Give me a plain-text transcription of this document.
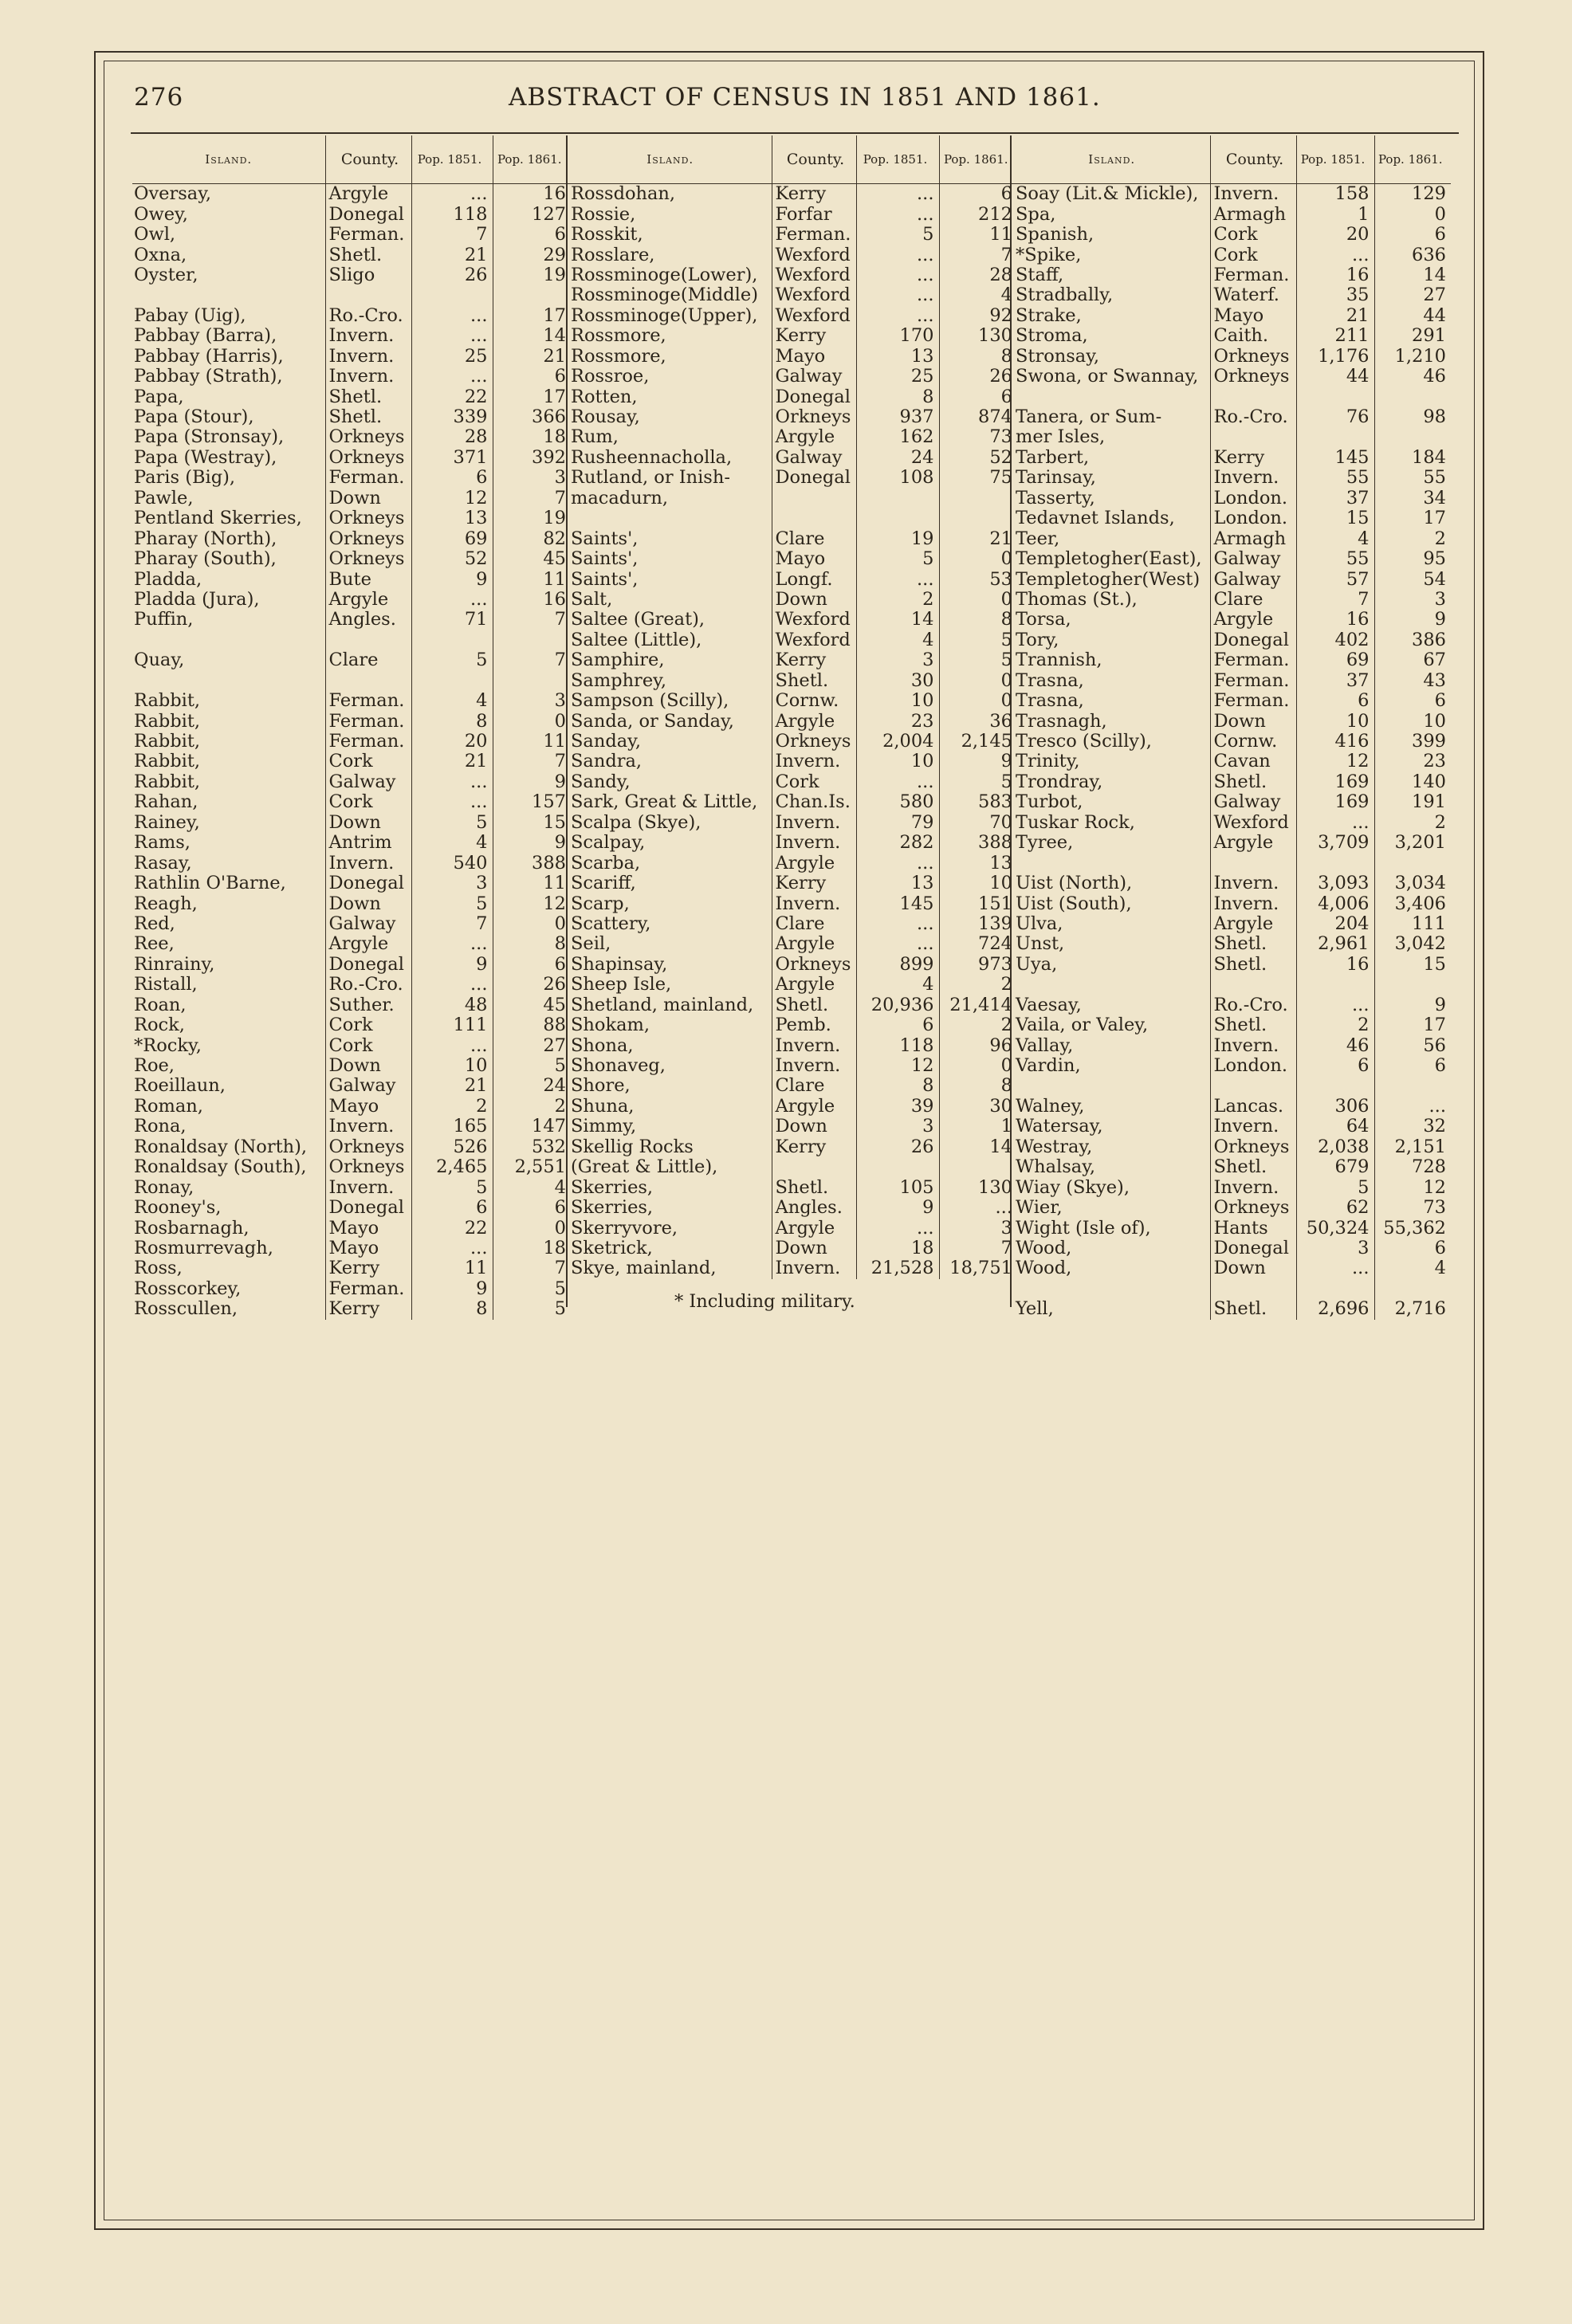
276	ABSTRACT OF CENSUS IN 1851 AND 1861.
Island.	County.	Pop. 1851.	Pop. 1861.
Oversay,	Argyle	...	16
Owey,	Donegal	118	127
Owl,	Ferman.	7	6
Oxna,	Shetl.	21	29
Oyster,	Sligo	26	19

Pabay (Uig),	Ro.-Cro.	...	17
Pabbay (Barra),	Invern.	...	14
Pabbay (Harris),	Invern.	25	21
Pabbay (Strath),	Invern.	...	6
Papa,	Shetl.	22	17
Papa (Stour),	Shetl.	339	366
Papa (Stronsay),	Orkneys	28	18
Papa (Westray),	Orkneys	371	392
Paris (Big),	Ferman.	6	3
Pawle,	Down	12	7
Pentland Skerries,	Orkneys	13	19
Pharay (North),	Orkneys	69	82
Pharay (South),	Orkneys	52	45
Pladda,	Bute	9	11
Pladda (Jura),	Argyle	...	16
Puffin,	Angles.	71	7

Quay,	Clare	5	7

Rabbit,	Ferman.	4	3
Rabbit,	Ferman.	8	0
Rabbit,	Ferman.	20	11
Rabbit,	Cork	21	7
Rabbit,	Galway	...	9
Rahan,	Cork	...	157
Rainey,	Down	5	15
Rams,	Antrim	4	9
Rasay,	Invern.	540	388
Rathlin O'Barne,	Donegal	3	11
Reagh,	Down	5	12
Red,	Galway	7	0
Ree,	Argyle	...	8
Rinrainy,	Donegal	9	6
Ristall,	Ro.-Cro.	...	26
Roan,	Suther.	48	45
Rock,	Cork	111	88
*Rocky,	Cork	...	27
Roe,	Down	10	5
Roeillaun,	Galway	21	24
Roman,	Mayo	2	2
Rona,	Invern.	165	147
Ronaldsay (North),	Orkneys	526	532
Ronaldsay (South),	Orkneys	2,465	2,551
Ronay,	Invern.	5	4
Rooney's,	Donegal	6	6
Rosbarnagh,	Mayo	22	0
Rosmurrevagh,	Mayo	...	18
Ross,	Kerry	11	7
Rosscorkey,	Ferman.	9	5
Rosscullen,	Kerry	8	5
Island.	County.	Pop. 1851.	Pop. 1861.
Rossdohan,	Kerry	...	6
Rossie,	Forfar	...	212
Rosskit,	Ferman.	5	11
Rosslare,	Wexford	...	7
Rossminoge(Lower),	Wexford	...	28
Rossminoge(Middle)	Wexford	...	4
Rossminoge(Upper),	Wexford	...	92
Rossmore,	Kerry	170	130
Rossmore,	Mayo	13	8
Rossroe,	Galway	25	26
Rotten,	Donegal	8	6
Rousay,	Orkneys	937	874
Rum,	Argyle	162	73
Rusheennacholla,	Galway	24	52
Rutland, or Inish-	Donegal	108	75
macadurn,			

Saints',	Clare	19	21
Saints',	Mayo	5	0
Saints',	Longf.	...	53
Salt,	Down	2	0
Saltee (Great),	Wexford	14	8
Saltee (Little),	Wexford	4	5
Samphire,	Kerry	3	5
Samphrey,	Shetl.	30	0
Sampson (Scilly),	Cornw.	10	0
Sanda, or Sanday,	Argyle	23	36
Sanday,	Orkneys	2,004	2,145
Sandra,	Invern.	10	9
Sandy,	Cork	...	5
Sark, Great & Little,	Chan.Is.	580	583
Scalpa (Skye),	Invern.	79	70
Scalpay,	Invern.	282	388
Scarba,	Argyle	...	13
Scariff,	Kerry	13	10
Scarp,	Invern.	145	151
Scattery,	Clare	...	139
Seil,	Argyle	...	724
Shapinsay,	Orkneys	899	973
Sheep Isle,	Argyle	4	2
Shetland, mainland,	Shetl.	20,936	21,414
Shokam,	Pemb.	6	2
Shona,	Invern.	118	96
Shonaveg,	Invern.	12	0
Shore,	Clare	8	8
Shuna,	Argyle	39	30
Simmy,	Down	3	1
Skellig Rocks	Kerry	26	14
(Great & Little),			
Skerries,	Shetl.	105	130
Skerries,	Angles.	9	...
Skerryvore,	Argyle	...	3
Sketrick,	Down	18	7
Skye, mainland,	Invern.	21,528	18,751
Island.	County.	Pop. 1851.	Pop. 1861.
Soay (Lit.& Mickle),	Invern.	158	129
Spa,	Armagh	1	0
Spanish,	Cork	20	6
*Spike,	Cork	...	636
Staff,	Ferman.	16	14
Stradbally,	Waterf.	35	27
Strake,	Mayo	21	44
Stroma,	Caith.	211	291
Stronsay,	Orkneys	1,176	1,210
Swona, or Swannay,	Orkneys	44	46

Tanera, or Sum-	Ro.-Cro.	76	98
mer Isles,			
Tarbert,	Kerry	145	184
Tarinsay,	Invern.	55	55
Tasserty,	London.	37	34
Tedavnet Islands,	London.	15	17
Teer,	Armagh	4	2
Templetogher(East),	Galway	55	95
Templetogher(West)	Galway	57	54
Thomas (St.),	Clare	7	3
Torsa,	Argyle	16	9
Tory,	Donegal	402	386
Trannish,	Ferman.	69	67
Trasna,	Ferman.	37	43
Trasna,	Ferman.	6	6
Trasnagh,	Down	10	10
Tresco (Scilly),	Cornw.	416	399
Trinity,	Cavan	12	23
Trondray,	Shetl.	169	140
Turbot,	Galway	169	191
Tuskar Rock,	Wexford	...	2
Tyree,	Argyle	3,709	3,201

Uist (North),	Invern.	3,093	3,034
Uist (South),	Invern.	4,006	3,406
Ulva,	Argyle	204	111
Unst,	Shetl.	2,961	3,042
Uya,	Shetl.	16	15

Vaesay,	Ro.-Cro.	...	9
Vaila, or Valey,	Shetl.	2	17
Vallay,	Invern.	46	56
Vardin,	London.	6	6

Walney,	Lancas.	306	...
Watersay,	Invern.	64	32
Westray,	Orkneys	2,038	2,151
Whalsay,	Shetl.	679	728
Wiay (Skye),	Invern.	5	12
Wier,	Orkneys	62	73
Wight (Isle of),	Hants	50,324	55,362
Wood,	Donegal	3	6
Wood,	Down	...	4

Yell,	Shetl.	2,696	2,716
* Including military.
